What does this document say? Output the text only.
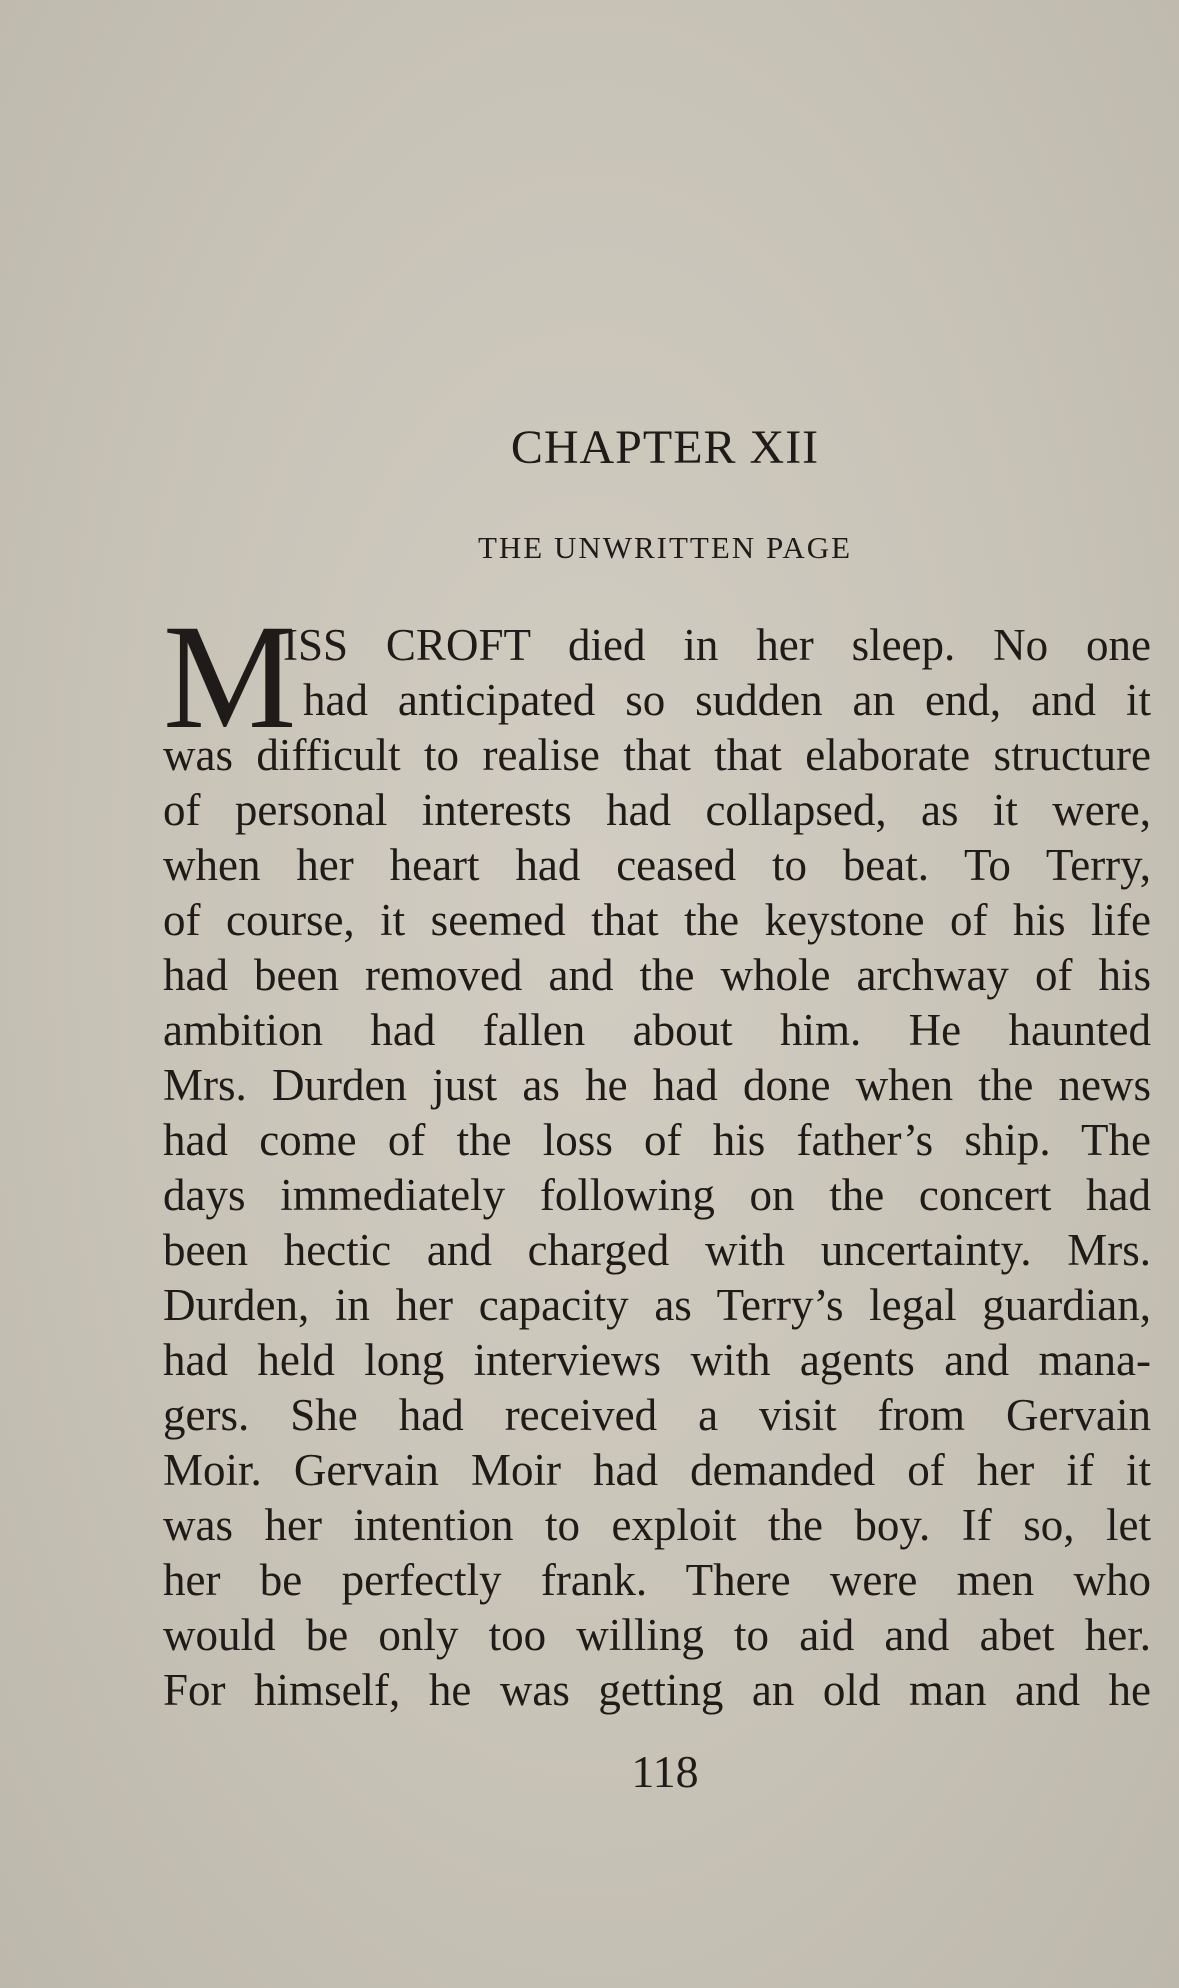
CHAPTER XII
THE UNWRITTEN PAGE
M
ISS CROFT died in her sleep. No one
had anticipated so sudden an end, and it
was difficult to realise that that elaborate structure
of personal interests had collapsed, as it were,
when her heart had ceased to beat. To Terry,
of course, it seemed that the keystone of his life
had been removed and the whole archway of his
ambition had fallen about him. He haunted
Mrs. Durden just as he had done when the news
had come of the loss of his father’s ship. The
days immediately following on the concert had
been hectic and charged with uncertainty. Mrs.
Durden, in her capacity as Terry’s legal guardian,
had held long interviews with agents and mana-
gers. She had received a visit from Gervain
Moir. Gervain Moir had demanded of her if it
was her intention to exploit the boy. If so, let
her be perfectly frank. There were men who
would be only too willing to aid and abet her.
For himself, he was getting an old man and he

118
